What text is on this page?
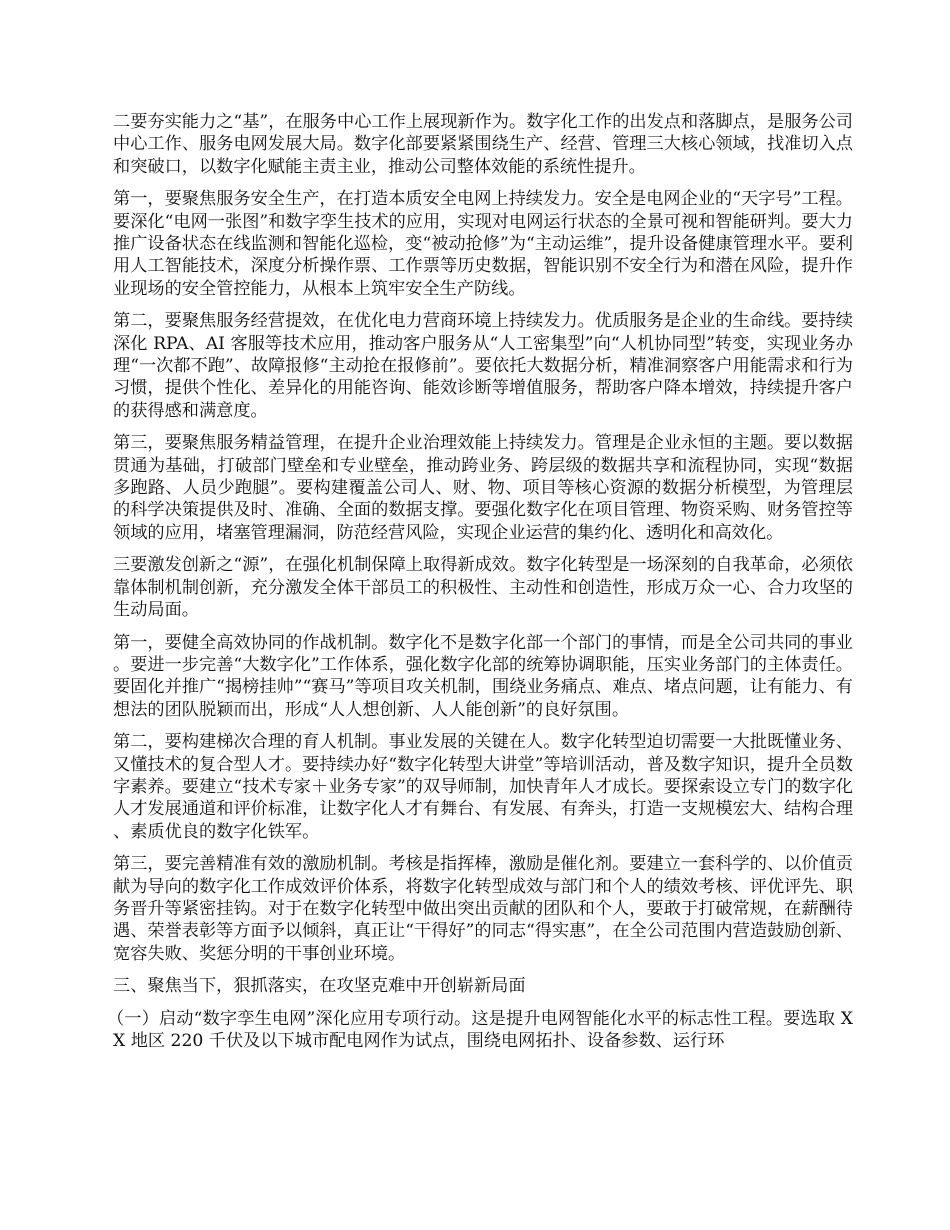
二要夯实能力之“基”，在服务中心工作上展现新作为。数字化工作的出发点和落脚点，是服务公司中心工作、服务电网发展大局。数字化部要紧紧围绕生产、经营、管理三大核心领域，找准切入点和突破口，以数字化赋能主责主业，推动公司整体效能的系统性提升。

第一，要聚焦服务安全生产，在打造本质安全电网上持续发力。安全是电网企业的“天字号”工程。要深化“电网一张图”和数字孪生技术的应用，实现对电网运行状态的全景可视和智能研判。要大力推广设备状态在线监测和智能化巡检，变“被动抢修”为“主动运维”，提升设备健康管理水平。要利用人工智能技术，深度分析操作票、工作票等历史数据，智能识别不安全行为和潜在风险，提升作业现场的安全管控能力，从根本上筑牢安全生产防线。

第二，要聚焦服务经营提效，在优化电力营商环境上持续发力。优质服务是企业的生命线。要持续深化 RPA、AI 客服等技术应用，推动客户服务从“人工密集型”向“人机协同型”转变，实现业务办理“一次都不跑”、故障报修“主动抢在报修前”。要依托大数据分析，精准洞察客户用能需求和行为习惯，提供个性化、差异化的用能咨询、能效诊断等增值服务，帮助客户降本增效，持续提升客户的获得感和满意度。

第三，要聚焦服务精益管理，在提升企业治理效能上持续发力。管理是企业永恒的主题。要以数据贯通为基础，打破部门壁垒和专业壁垒，推动跨业务、跨层级的数据共享和流程协同，实现“数据多跑路、人员少跑腿”。要构建覆盖公司人、财、物、项目等核心资源的数据分析模型，为管理层的科学决策提供及时、准确、全面的数据支撑。要强化数字化在项目管理、物资采购、财务管控等领域的应用，堵塞管理漏洞，防范经营风险，实现企业运营的集约化、透明化和高效化。

三要激发创新之“源”，在强化机制保障上取得新成效。数字化转型是一场深刻的自我革命，必须依靠体制机制创新，充分激发全体干部员工的积极性、主动性和创造性，形成万众一心、合力攻坚的生动局面。

第一，要健全高效协同的作战机制。数字化不是数字化部一个部门的事情，而是全公司共同的事业。要进一步完善“大数字化”工作体系，强化数字化部的统筹协调职能，压实业务部门的主体责任。要固化并推广“揭榜挂帅”“赛马”等项目攻关机制，围绕业务痛点、难点、堵点问题，让有能力、有想法的团队脱颖而出，形成“人人想创新、人人能创新”的良好氛围。

第二，要构建梯次合理的育人机制。事业发展的关键在人。数字化转型迫切需要一大批既懂业务、又懂技术的复合型人才。要持续办好“数字化转型大讲堂”等培训活动，普及数字知识，提升全员数字素养。要建立“技术专家＋业务专家”的双导师制，加快青年人才成长。要探索设立专门的数字化人才发展通道和评价标准，让数字化人才有舞台、有发展、有奔头，打造一支规模宏大、结构合理、素质优良的数字化铁军。

第三，要完善精准有效的激励机制。考核是指挥棒，激励是催化剂。要建立一套科学的、以价值贡献为导向的数字化工作成效评价体系，将数字化转型成效与部门和个人的绩效考核、评优评先、职务晋升等紧密挂钩。对于在数字化转型中做出突出贡献的团队和个人，要敢于打破常规，在薪酬待遇、荣誉表彰等方面予以倾斜，真正让“干得好”的同志“得实惠”，在全公司范围内营造鼓励创新、宽容失败、奖惩分明的干事创业环境。

三、聚焦当下，狠抓落实，在攻坚克难中开创崭新局面

（一）启动“数字孪生电网”深化应用专项行动。这是提升电网智能化水平的标志性工程。要选取 XX 地区 220 千伏及以下城市配电网作为试点，围绕电网拓扑、设备参数、运行环
